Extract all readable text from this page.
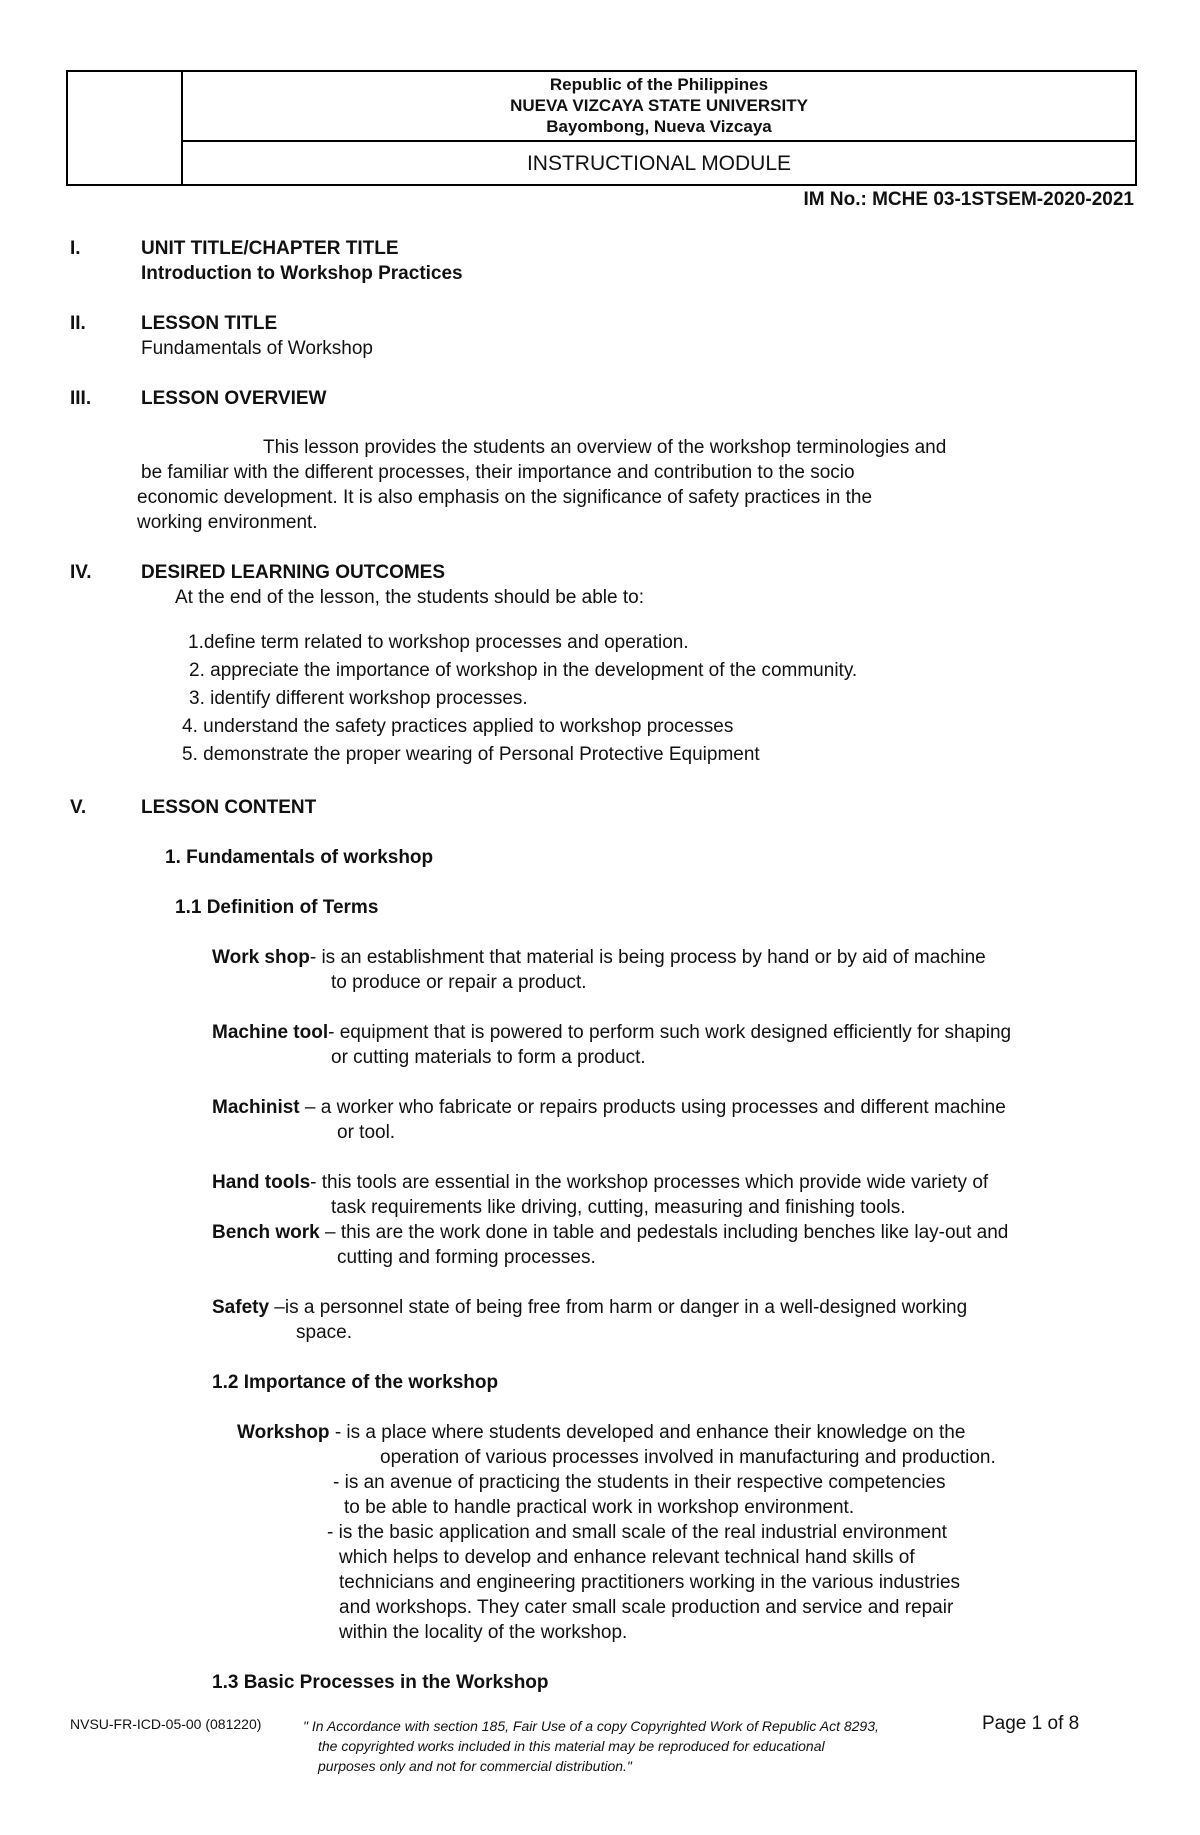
Republic of the Philippines
NUEVA VIZCAYA STATE UNIVERSITY
Bayombong, Nueva Vizcaya
INSTRUCTIONAL MODULE
IM No.: MCHE 03-1STSEM-2020-2021
I.	UNIT TITLE/CHAPTER TITLE
Introduction to Workshop Practices
II.	LESSON TITLE
Fundamentals of Workshop
III.	LESSON OVERVIEW
This lesson provides the students an overview of the workshop terminologies and
be familiar with the different processes, their importance and contribution to the socio
economic development. It is also emphasis on the significance of safety practices in the
working environment.
IV.	DESIRED LEARNING OUTCOMES
At the end of the lesson, the students should be able to:
1.define term related to workshop processes and operation.
2. appreciate the importance of workshop in the development of the community.
3. identify different workshop processes.
4. understand the safety practices applied to workshop processes
5. demonstrate the proper wearing of Personal Protective Equipment
V.	LESSON CONTENT
1. Fundamentals of workshop
1.1 Definition of Terms
Work shop- is an establishment that material is being process by hand or by aid of machine
to produce or repair a product.
Machine tool- equipment that is powered to perform such work designed efficiently for shaping
or cutting materials to form a product.
Machinist – a worker who fabricate or repairs products using processes and different machine
or tool.
Hand tools- this tools are essential in the workshop processes which provide wide variety of
task requirements like driving, cutting, measuring and finishing tools.
Bench work – this are the work done in table and pedestals including benches like lay-out and
cutting and forming processes.
Safety –is a personnel state of being free from harm or danger in a well-designed working
space.
1.2 Importance of the workshop
Workshop - is a place where students developed and enhance their knowledge on the
operation of various processes involved in manufacturing and production.
- is an avenue of practicing the students in their respective competencies
to be able to handle practical work in workshop environment.
- is the basic application and small scale of the real industrial environment
which helps to develop and enhance relevant technical hand skills of
technicians and engineering practitioners working in the various industries
and workshops. They cater small scale production and service and repair
within the locality of the workshop.
1.3 Basic Processes in the Workshop
NVSU-FR-ICD-05-00 (081220)	" In Accordance with section 185, Fair Use of a copy Copyrighted Work of Republic Act 8293,
the copyrighted works included in this material may be reproduced for educational
purposes only and not for commercial distribution."
Page 1 of 8
